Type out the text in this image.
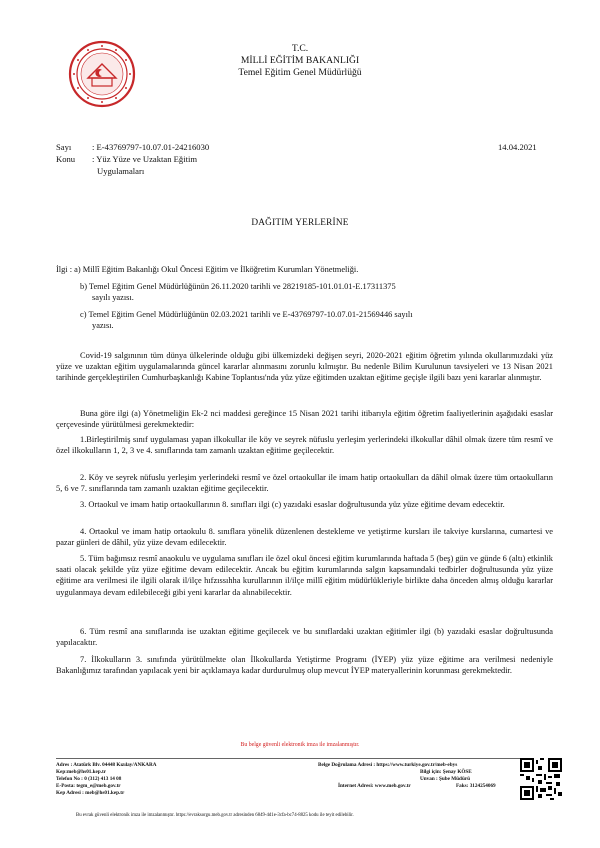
T.C.
MİLLİ EĞİTİM BAKANLIĞI
Temel Eğitim Genel Müdürlüğü
Sayı : E-43769797-10.07.01-24216030	14.04.2021
Konu : Yüz Yüze ve Uzaktan Eğitim
Uygulamaları
DAĞITIM YERLERİNE
İlgi : a) Millî Eğitim Bakanlığı Okul Öncesi Eğitim ve İlköğretim Kurumları Yönetmeliği.
b) Temel Eğitim Genel Müdürlüğünün 26.11.2020 tarihli ve 28219185-101.01.01-E.17311375
sayılı yazısı.
c) Temel Eğitim Genel Müdürlüğünün 02.03.2021 tarihli ve E-43769797-10.07.01-21569446 sayılı
yazısı.

Covid-19 salgınının tüm dünya ülkelerinde olduğu gibi ülkemizdeki değişen seyri, 2020-2021 eğitim öğretim yılında okullarımızdaki yüz yüze ve uzaktan eğitim uygulamalarında güncel kararlar alınmasını zorunlu kılmıştır. Bu nedenle Bilim Kurulunun tavsiyeleri ve 13 Nisan 2021 tarihinde gerçekleştirilen Cumhurbaşkanlığı Kabine Toplantısı'nda yüz yüze eğitimden uzaktan eğitime geçişle ilgili bazı yeni kararlar alınmıştır.

Buna göre ilgi (a) Yönetmeliğin Ek-2 nci maddesi gereğince 15 Nisan 2021 tarihi itibarıyla eğitim öğretim faaliyetlerinin aşağıdaki esaslar çerçevesinde yürütülmesi gerekmektedir:

1.Birleştirilmiş sınıf uygulaması yapan ilkokullar ile köy ve seyrek nüfuslu yerleşim yerlerindeki ilkokullar dâhil olmak üzere tüm resmî ve özel ilkokulların 1, 2, 3 ve 4. sınıflarında tam zamanlı uzaktan eğitime geçilecektir.

2. Köy ve seyrek nüfuslu yerleşim yerlerindeki resmî ve özel ortaokullar ile imam hatip ortaokulları da dâhil olmak üzere tüm ortaokulların 5, 6 ve 7. sınıflarında tam zamanlı uzaktan eğitime geçilecektir.

3. Ortaokul ve imam hatip ortaokullarının 8. sınıfları ilgi (c) yazıdaki esaslar doğrultusunda yüz yüze eğitime devam edecektir.

4. Ortaokul ve imam hatip ortaokulu 8. sınıflara yönelik düzenlenen destekleme ve yetiştirme kursları ile takviye kurslarına, cumartesi ve pazar günleri de dâhil, yüz yüze devam edilecektir.

5. Tüm bağımsız resmî anaokulu ve uygulama sınıfları ile özel okul öncesi eğitim kurumlarında haftada 5 (beş) gün ve günde 6 (altı) etkinlik saati olacak şekilde yüz yüze eğitime devam edilecektir. Ancak bu eğitim kurumlarında salgın kapsamındaki tedbirler doğrultusunda yüz yüze eğitime ara verilmesi ile ilgili olarak il/ilçe hıfzıssıhha kurullarının il/ilçe millî eğitim müdürlükleriyle birlikte daha önceden almış olduğu kararlar uygulanmaya devam edilebileceği gibi yeni kararlar da alınabilecektir.

6. Tüm resmî ana sınıflarında ise uzaktan eğitime geçilecek ve bu sınıflardaki uzaktan eğitimler ilgi (b) yazıdaki esaslar doğrultusunda yapılacaktır.

7. İlkokulların 3. sınıfında yürütülmekte olan İlkokullarda Yetiştirme Programı (İYEP) yüz yüze eğitime ara verilmesi nedeniyle Bakanlığımız tarafından yapılacak yeni bir açıklamaya kadar durdurulmuş olup mevcut İYEP materyallerinin korunması gerekmektedir.

Bu belge güvenli elektronik imza ile imzalanmıştır.
Adres : Atatürk Blv. 04448 Kızılay/ANKARA
Kep:meb@hs01.kep.tr
Telefon No : 0 (312) 413 14 08
E-Posta: tegm_e@meb.gov.tr
Kep Adresi : meb@hs01.kep.tr
Belge Doğrulama Adresi : https://www.turkiye.gov.tr/meb-ebys
Bilgi için: Şenay KÖSE
Unvan : Şube Müdürü
İnternet Adresi: www.meb.gov.tr	Faks: 3124254069
Bu evrak güvenli elektronik imza ile imzalanmıştır. https://evraksorgu.meb.gov.tr adresinden 6849-4d1e-3cfa-bc74-8825 kodu ile teyit edilebilir.
